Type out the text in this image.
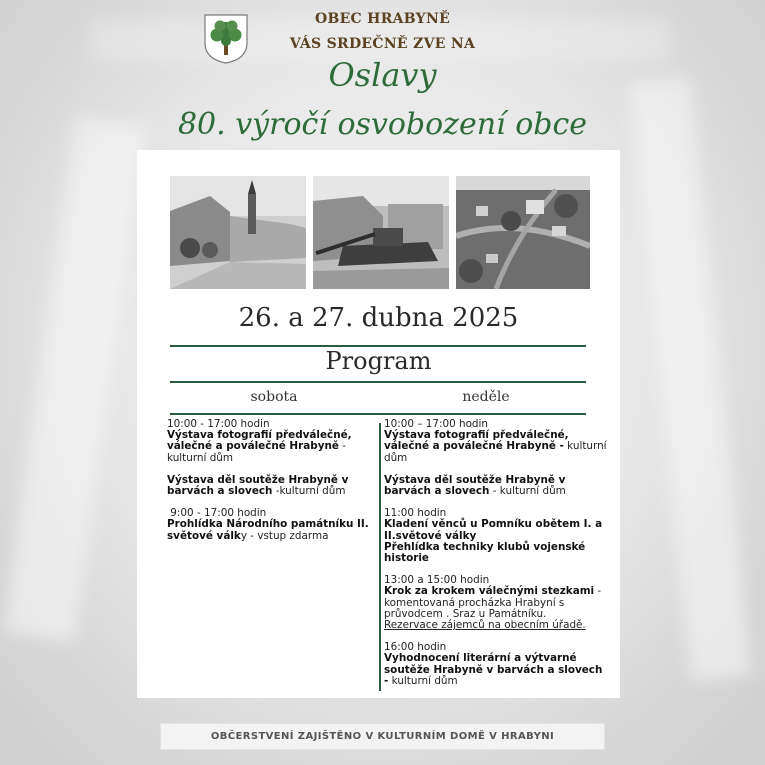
OBEC HRABYNĚ
VÁS SRDEČNĚ ZVE NA
Oslavy
80. výročí osvobození obce
26. a 27. dubna 2025
Program
sobota	neděle
10:00 - 17:00 hodin
Výstava fotografií předválečné, válečné a poválečné Hrabyně - kulturní dům
Výstava děl soutěže Hrabyně v barvách a slovech -kulturní dům
9:00 - 17:00 hodin
Prohlídka Národního památníku II. světové války - vstup zdarma
10:00 – 17:00 hodin
Výstava fotografií předválečné, válečné a poválečné Hrabyně - kulturní dům
Výstava děl soutěže Hrabyně v barvách a slovech - kulturní dům
11:00 hodin
Kladení věnců u Pomníku obětem I. a II.světové války
Přehlídka techniky klubů vojenské historie
13:00 a 15:00 hodin
Krok za krokem válečnými stezkami - komentovaná procházka Hrabyní s průvodcem . Sraz u Památníku.
Rezervace zájemců na obecním úřadě.
16:00 hodin
Vyhodnocení literární a výtvarné soutěže Hrabyně v barvách a slovech - kulturní dům
OBČERSTVENÍ ZAJIŠTĚNO V KULTURNÍM DOMĚ V HRABYNI
